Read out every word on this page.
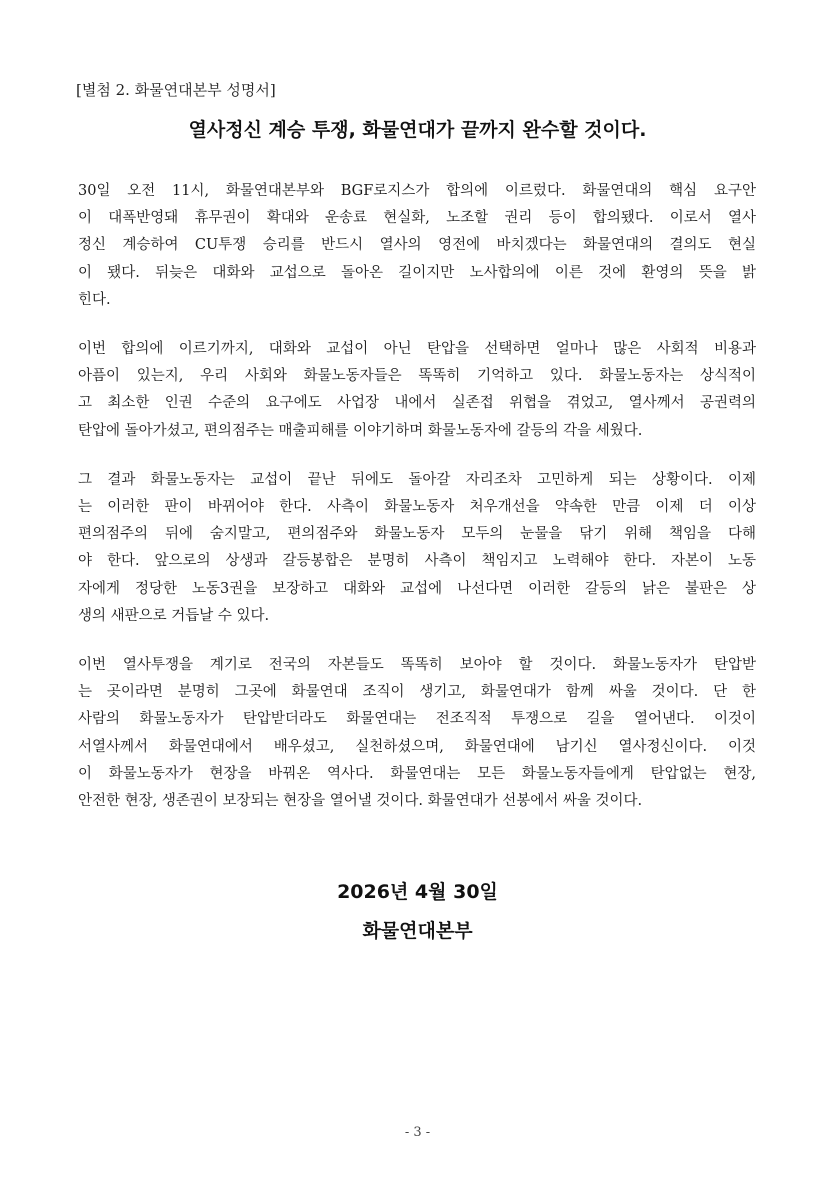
[별첨 2. 화물연대본부 성명서]
열사정신 계승 투쟁, 화물연대가 끝까지 완수할 것이다.
30일 오전 11시, 화물연대본부와 BGF로지스가 합의에 이르렀다. 화물연대의 핵심 요구안
이 대폭반영돼 휴무권이 확대와 운송료 현실화, 노조할 권리 등이 합의됐다. 이로서 열사
정신 계승하여 CU투쟁 승리를 반드시 열사의 영전에 바치겠다는 화물연대의 결의도 현실
이 됐다. 뒤늦은 대화와 교섭으로 돌아온 길이지만 노사합의에 이른 것에 환영의 뜻을 밝
힌다.
이번 합의에 이르기까지, 대화와 교섭이 아닌 탄압을 선택하면 얼마나 많은 사회적 비용과
아픔이 있는지, 우리 사회와 화물노동자들은 똑똑히 기억하고 있다. 화물노동자는 상식적이
고 최소한 인권 수준의 요구에도 사업장 내에서 실존접 위협을 겪었고, 열사께서 공권력의
탄압에 돌아가셨고, 편의점주는 매출피해를 이야기하며 화물노동자에 갈등의 각을 세웠다.
그 결과 화물노동자는 교섭이 끝난 뒤에도 돌아갈 자리조차 고민하게 되는 상황이다. 이제
는 이러한 판이 바뀌어야 한다. 사측이 화물노동자 처우개선을 약속한 만큼 이제 더 이상
편의점주의 뒤에 숨지말고, 편의점주와 화물노동자 모두의 눈물을 닦기 위해 책임을 다해
야 한다. 앞으로의 상생과 갈등봉합은 분명히 사측이 책임지고 노력해야 한다. 자본이 노동
자에게 정당한 노동3권을 보장하고 대화와 교섭에 나선다면 이러한 갈등의 낡은 불판은 상
생의 새판으로 거듭날 수 있다.
이번 열사투쟁을 계기로 전국의 자본들도 똑똑히 보아야 할 것이다. 화물노동자가 탄압받
는 곳이라면 분명히 그곳에 화물연대 조직이 생기고, 화물연대가 함께 싸울 것이다. 단 한
사람의 화물노동자가 탄압받더라도 화물연대는 전조직적 투쟁으로 길을 열어낸다. 이것이
서열사께서 화물연대에서 배우셨고, 실천하셨으며, 화물연대에 남기신 열사정신이다. 이것
이 화물노동자가 현장을 바꿔온 역사다. 화물연대는 모든 화물노동자들에게 탄압없는 현장,
안전한 현장, 생존권이 보장되는 현장을 열어낼 것이다. 화물연대가 선봉에서 싸울 것이다.
2026년 4월 30일
화물연대본부
- 3 -
